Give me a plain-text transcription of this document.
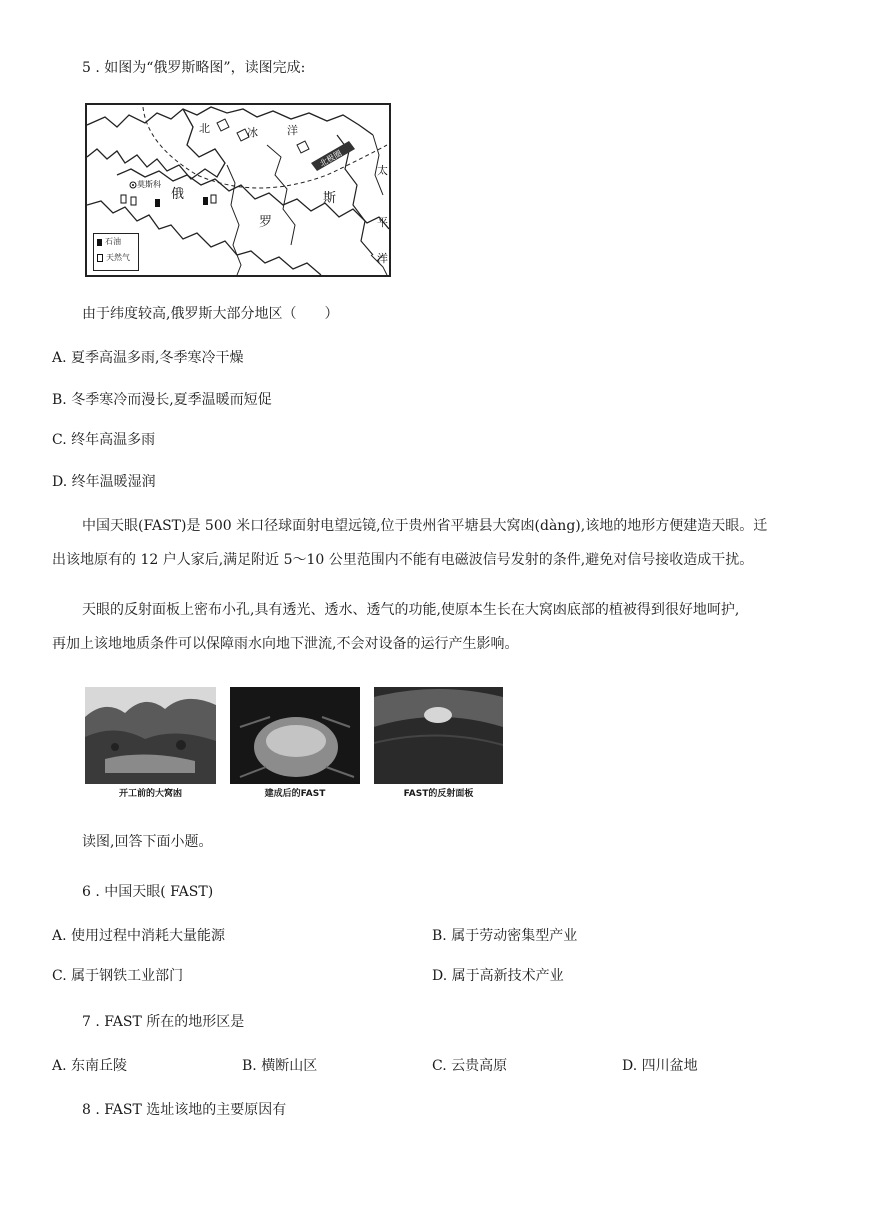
5 . 如图为“俄罗斯略图”，读图完成:
北	冰	洋
北极圈
莫斯科
俄
罗
斯
太
平
洋
石油
天然气
由于纬度较高,俄罗斯大部分地区（　　）
A. 夏季高温多雨,冬季寒冷干燥
B. 冬季寒冷而漫长,夏季温暖而短促
C. 终年高温多雨
D. 终年温暖湿润
中国天眼(FAST)是 500 米口径球面射电望远镜,位于贵州省平塘县大窝凼(dàng),该地的地形方便建造天眼。迁
出该地原有的 12 户人家后,满足附近 5～10 公里范围内不能有电磁波信号发射的条件,避免对信号接收造成干扰。
天眼的反射面板上密布小孔,具有透光、透水、透气的功能,使原本生长在大窝凼底部的植被得到很好地呵护,
再加上该地地质条件可以保障雨水向地下泄流,不会对设备的运行产生影响。
开工前的大窝凼	建成后的FAST	FAST的反射面板
读图,回答下面小题。
6 . 中国天眼( FAST)
A. 使用过程中消耗大量能源	B. 属于劳动密集型产业
C. 属于钢铁工业部门	D. 属于高新技术产业
7 . FAST 所在的地形区是
A. 东南丘陵	B. 横断山区	C. 云贵高原	D. 四川盆地
8 . FAST 选址该地的主要原因有
